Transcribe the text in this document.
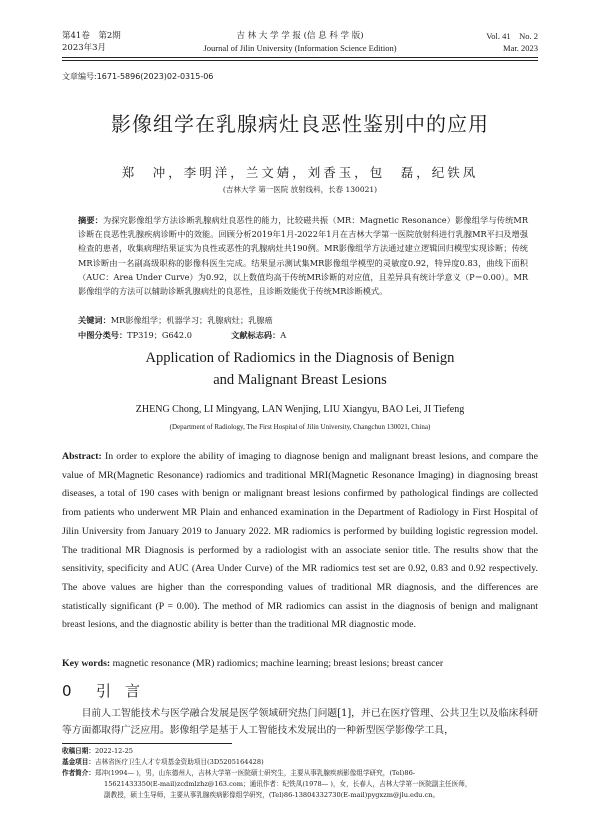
第41卷　第2期
2023年3月
吉 林 大 学 学 报 (信 息 科 学 版)
Journal of Jilin University (Information Science Edition)
Vol. 41　No. 2
Mar. 2023
文章编号:1671-5896(2023)02-0315-06
影像组学在乳腺病灶良恶性鉴别中的应用
郑　冲，李明洋，兰文婧，刘香玉，包　磊，纪铁凤
(吉林大学 第一医院 放射线科，长春 130021)
摘要：为探究影像组学方法诊断乳腺病灶良恶性的能力，比较磁共振（MR：Magnetic Resonance）影像组学与传统MR诊断在良恶性乳腺疾病诊断中的效能。回顾分析2019年1月-2022年1月在吉林大学第一医院放射科进行乳腺MR平扫及增强检查的患者，收集病理结果证实为良性或恶性的乳腺病灶共190例。MR影像组学方法通过建立逻辑回归模型实现诊断；传统MR诊断由一名副高级职称的影像科医生完成。结果显示测试集MR影像组学模型的灵敏度0.92，特异度0.83，曲线下面积（AUC：Area Under Curve）为0.92，以上数值均高于传统MR诊断的对应值，且差异具有统计学意义（P＝0.00）。MR影像组学的方法可以辅助诊断乳腺病灶的良恶性，且诊断效能优于传统MR诊断模式。
关键词：MR影像组学；机器学习；乳腺病灶；乳腺癌
中图分类号：TP319；G642.0	文献标志码：A
Application of Radiomics in the Diagnosis of Benign
and Malignant Breast Lesions
ZHENG Chong, LI Mingyang, LAN Wenjing, LIU Xiangyu, BAO Lei, JI Tiefeng
(Department of Radiology, The First Hospital of Jilin University, Changchun 130021, China)
Abstract: In order to explore the ability of imaging to diagnose benign and malignant breast lesions, and compare the value of MR(Magnetic Resonance) radiomics and traditional MRI(Magnetic Resonance Imaging) in diagnosing breast diseases, a total of 190 cases with benign or malignant breast lesions confirmed by pathological findings are collected from patients who underwent MR Plain and enhanced examination in the Department of Radiology in First Hospital of Jilin University from January 2019 to January 2022. MR radiomics is performed by building logistic regression model. The traditional MR Diagnosis is performed by a radiologist with an associate senior title. The results show that the sensitivity, specificity and AUC (Area Under Curve) of the MR radiomics test set are 0.92, 0.83 and 0.92 respectively. The above values are higher than the corresponding values of traditional MR diagnosis, and the differences are statistically significant (P = 0.00). The method of MR radiomics can assist in the diagnosis of benign and malignant breast lesions, and the diagnostic ability is better than the traditional MR diagnostic mode.
Key words: magnetic resonance (MR) radiomics; machine learning; breast lesions; breast cancer
0 引言
目前人工智能技术与医学融合发展是医学领域研究热门问题[1]，并已在医疗管理、公共卫生以及临床科研等方面都取得广泛应用。影像组学是基于人工智能技术发展出的一种新型医学影像学工具，
收稿日期：2022-12-25
基金项目：吉林省医疗卫生人才专项基金资助项目(3D5205164428)
作者简介：郑冲(1994— )，男，山东德州人，吉林大学第一医院硕士研究生，主要从事乳腺疾病影像组学研究，(Tel)86-
15621433350(E-mail)zcdmlzhz@163.com；通讯作者：纪铁凤(1978— )，女，长春人，吉林大学第一医院副主任医师，
副教授，硕士生导师，主要从事乳腺疾病影像组学研究，(Tel)86-13804332730(E-mail)pygxzm@jlu.edu.cn。
